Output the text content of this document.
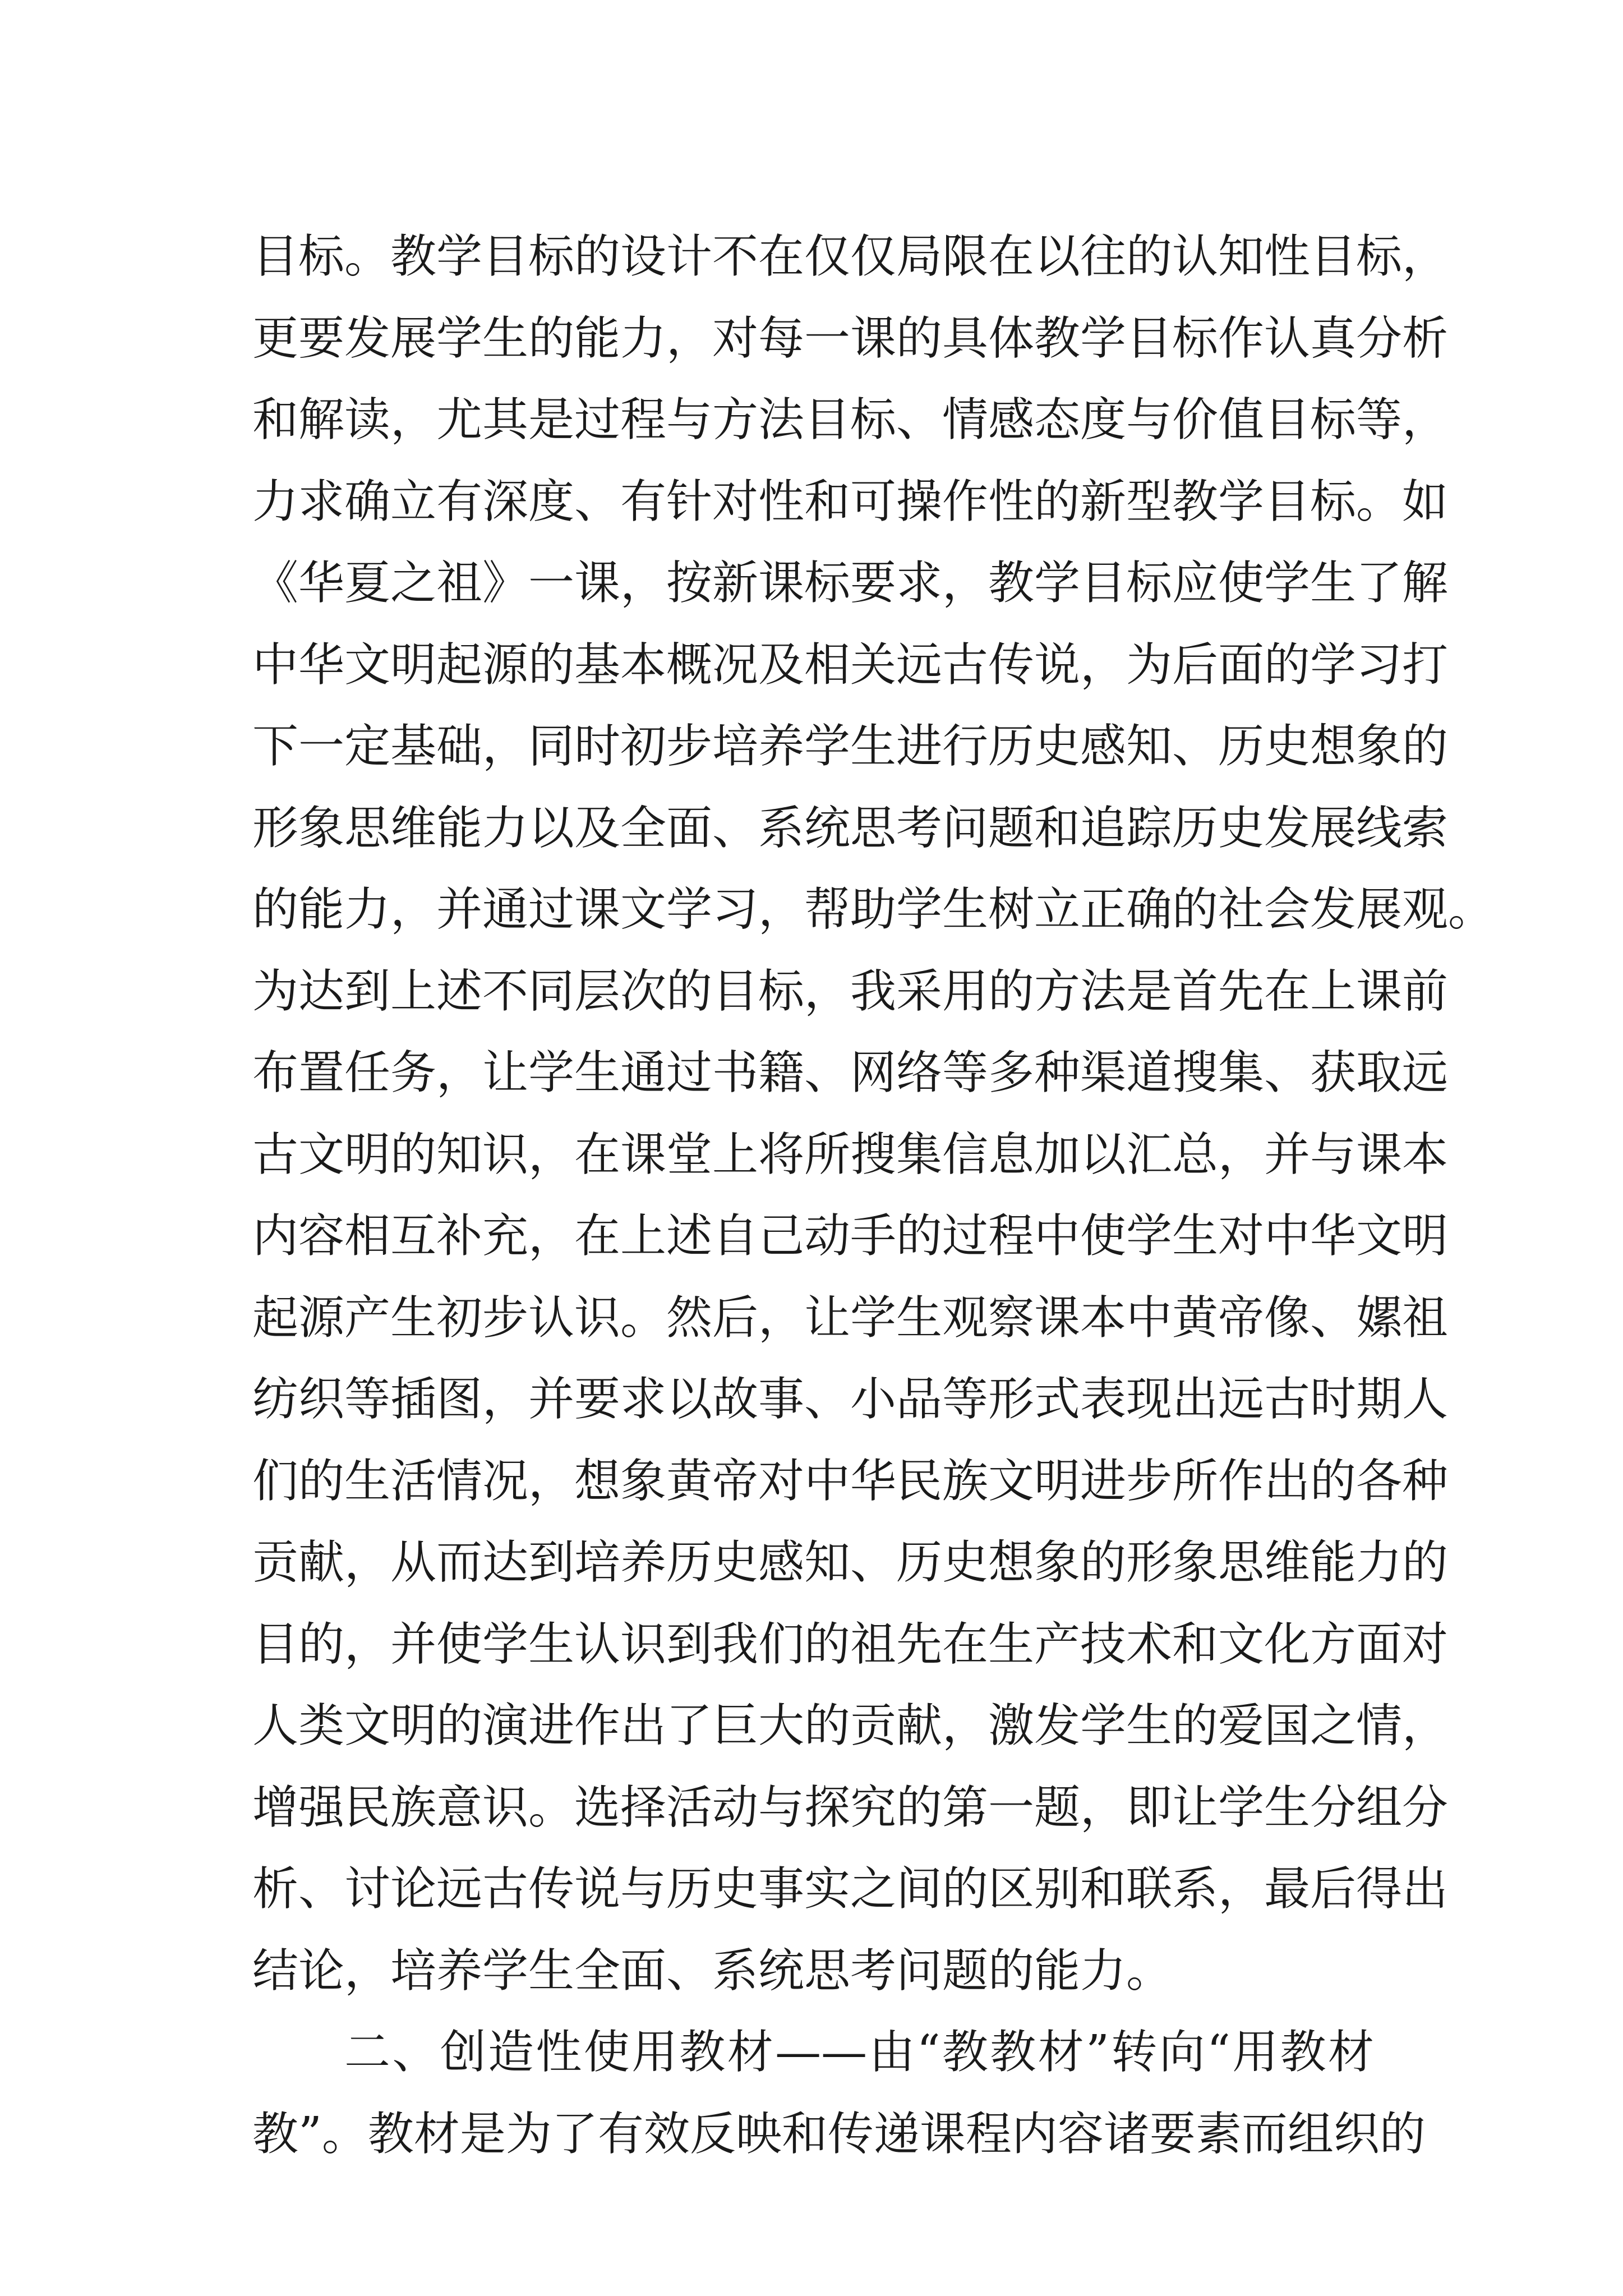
目标。教学目标的设计不在仅仅局限在以往的认知性目标，
更要发展学生的能力，对每一课的具体教学目标作认真分析
和解读，尤其是过程与方法目标、情感态度与价值目标等，
力求确立有深度、有针对性和可操作性的新型教学目标。如
《华夏之祖》一课，按新课标要求，教学目标应使学生了解
中华文明起源的基本概况及相关远古传说，为后面的学习打
下一定基础，同时初步培养学生进行历史感知、历史想象的
形象思维能力以及全面、系统思考问题和追踪历史发展线索
的能力，并通过课文学习，帮助学生树立正确的社会发展观。
为达到上述不同层次的目标，我采用的方法是首先在上课前
布置任务，让学生通过书籍、网络等多种渠道搜集、获取远
古文明的知识，在课堂上将所搜集信息加以汇总，并与课本
内容相互补充，在上述自己动手的过程中使学生对中华文明
起源产生初步认识。然后，让学生观察课本中黄帝像、嫘祖
纺织等插图，并要求以故事、小品等形式表现出远古时期人
们的生活情况，想象黄帝对中华民族文明进步所作出的各种
贡献，从而达到培养历史感知、历史想象的形象思维能力的
目的，并使学生认识到我们的祖先在生产技术和文化方面对
人类文明的演进作出了巨大的贡献，激发学生的爱国之情，
增强民族意识。选择活动与探究的第一题，即让学生分组分
析、讨论远古传说与历史事实之间的区别和联系，最后得出
结论，培养学生全面、系统思考问题的能力。
二、创造性使用教材——由“教教材”转向“用教材
教”。教材是为了有效反映和传递课程内容诸要素而组织的
